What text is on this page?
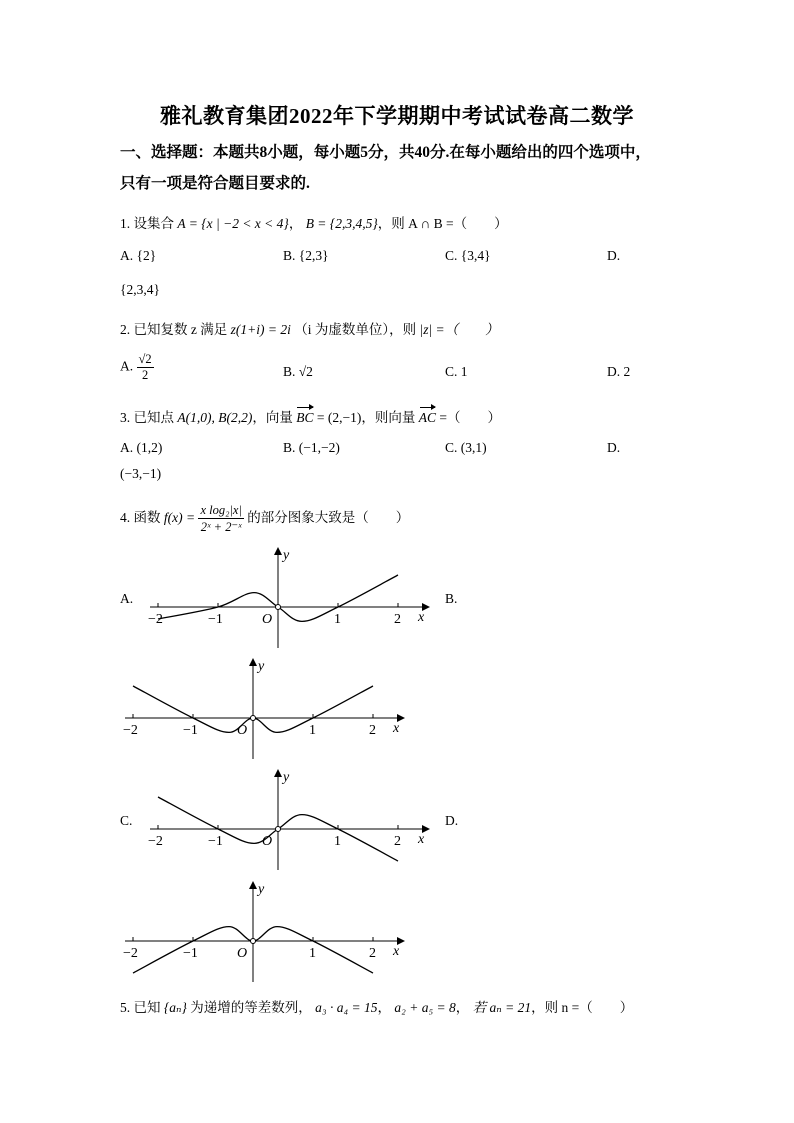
雅礼教育集团2022年下学期期中考试试卷高二数学
一、选择题：本题共8小题，每小题5分，共40分.在每小题给出的四个选项中，
只有一项是符合题目要求的.
1. 设集合 A = {x | −2 < x < 4}， B = {2,3,4,5}，则 A ∩ B =（　　）
A. {2}	B. {2,3}	C. {3,4}	D.
{2,3,4}
2. 已知复数 z 满足 z(1+i) = 2i （i 为虚数单位），则 |z| =（　　）
A. $\frac{√2}{2}$	B. √2	C. 1	D. 2
3. 已知点 A(1,0), B(2,2)，向量 BC = (2,−1)，则向量 AC =（　　）
A. (1,2)	B. (−1,−2)	C. (3,1)	D.
(−3,−1)
4. 函数 $f(x) = \frac{\text{x log₂|x|}}{\text{2ˣ + 2⁻ˣ}}$ 的部分图象大致是（　　）
A.	B.
C.	D.
−2	−1	1	2 x
y
O
−2	−1	1	2 x
y
O
−2	−1	1	2 x
y
O
−2	−1	1	2 x
y
O
5. 已知 {aₙ} 为递增的等差数列， a₃ · a₄ = 15， a₂ + a₅ = 8， 若 aₙ = 21，则 n =（　　）
